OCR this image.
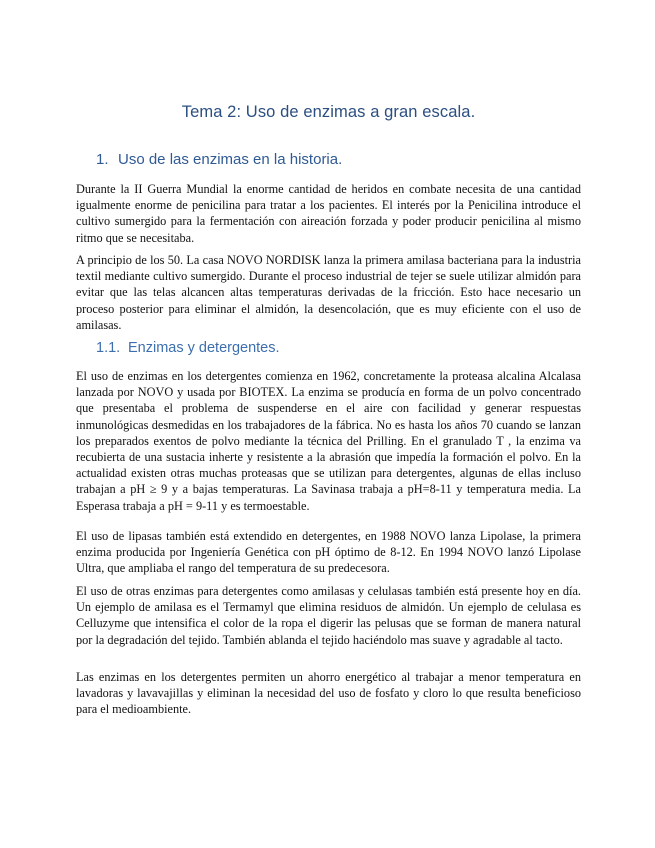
Tema 2: Uso de enzimas a gran escala.
1. Uso de las enzimas en la historia.

Durante la II Guerra Mundial la enorme cantidad de heridos en combate necesita de una cantidad igualmente enorme de penicilina para tratar a los pacientes. El interés por la Penicilina introduce el cultivo sumergido para la fermentación con aireación forzada y poder producir penicilina al mismo ritmo que se necesitaba.

A principio de los 50. La casa NOVO NORDISK lanza la primera amilasa bacteriana para la industria textil mediante cultivo sumergido. Durante el proceso industrial de tejer se suele utilizar almidón para evitar que las telas alcancen altas temperaturas derivadas de la fricción. Esto hace necesario un proceso posterior para eliminar el almidón, la desencolación, que es muy eficiente con el uso de amilasas.

1.1. Enzimas y detergentes.

El uso de enzimas en los detergentes comienza en 1962, concretamente la proteasa alcalina Alcalasa lanzada por NOVO y usada por BIOTEX. La enzima se producía en forma de un polvo concentrado que presentaba el problema de suspenderse en el aire con facilidad y generar respuestas inmunológicas desmedidas en los trabajadores de la fábrica. No es hasta los años 70 cuando se lanzan los preparados exentos de polvo mediante la técnica del Prilling. En el granulado T , la enzima va recubierta de una sustacia inherte y resistente a la abrasión que impedía la formación el polvo. En la actualidad existen otras muchas proteasas que se utilizan para detergentes, algunas de ellas incluso trabajan a pH ≥ 9 y a bajas temperaturas. La Savinasa trabaja a pH=8-11 y temperatura media. La Esperasa trabaja a pH = 9-11 y es termoestable.

El uso de lipasas también está extendido en detergentes, en 1988 NOVO lanza Lipolase, la primera enzima producida por Ingeniería Genética con pH óptimo de 8-12. En 1994 NOVO lanzó Lipolase Ultra, que ampliaba el rango del temperatura de su predecesora.

El uso de otras enzimas para detergentes como amilasas y celulasas también está presente hoy en día. Un ejemplo de amilasa es el Termamyl que elimina residuos de almidón. Un ejemplo de celulasa es Celluzyme que intensifica el color de la ropa el digerir las pelusas que se forman de manera natural por la degradación del tejido. También ablanda el tejido haciéndolo mas suave y agradable al tacto.

Las enzimas en los detergentes permiten un ahorro energético al trabajar a menor temperatura en lavadoras y lavavajillas y eliminan la necesidad del uso de fosfato y cloro lo que resulta beneficioso para el medioambiente.
